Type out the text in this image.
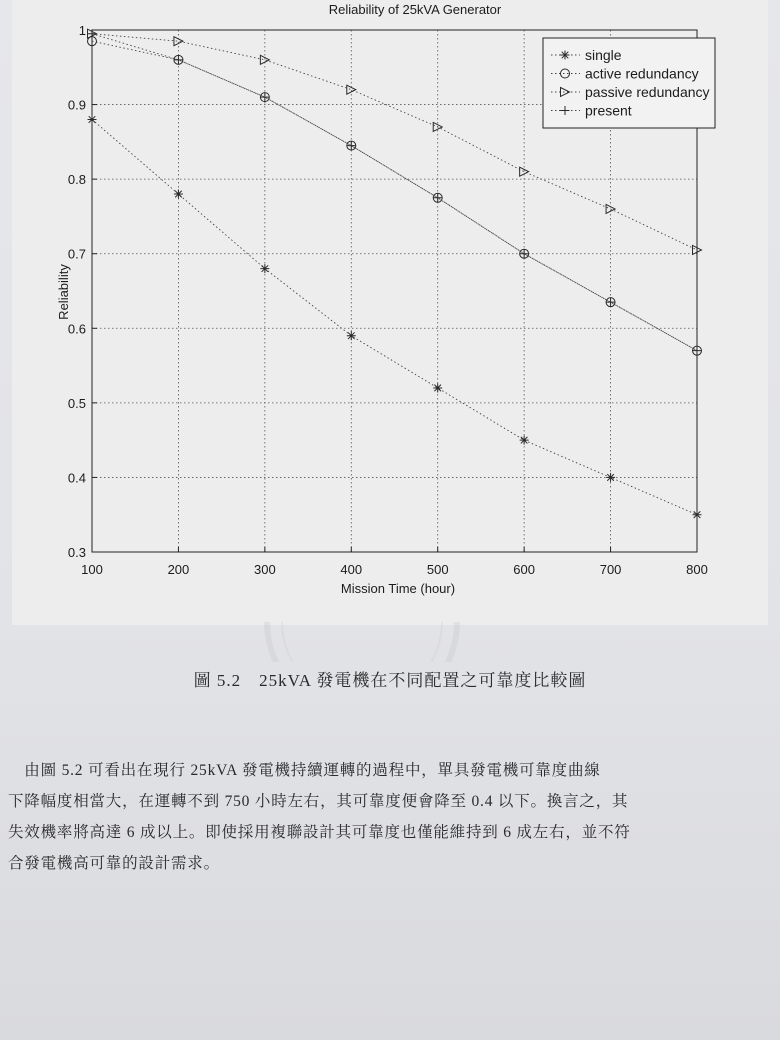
100	200	300	400	500	600	700	800
0.3
0.4
0.5
0.6
0.7
0.8
0.9
1
Reliability of 25kVA Generator
Mission Time (hour)
Reliability
single
active redundancy
passive redundancy
present
圖 5.2　25kVA 發電機在不同配置之可靠度比較圖

　由圖 5.2 可看出在現行 25kVA 發電機持續運轉的過程中，單具發電機可靠度曲線

下降幅度相當大，在運轉不到 750 小時左右，其可靠度便會降至 0.4 以下。換言之，其

失效機率將高達 6 成以上。即使採用複聯設計其可靠度也僅能維持到 6 成左右，並不符

合發電機高可靠的設計需求。
